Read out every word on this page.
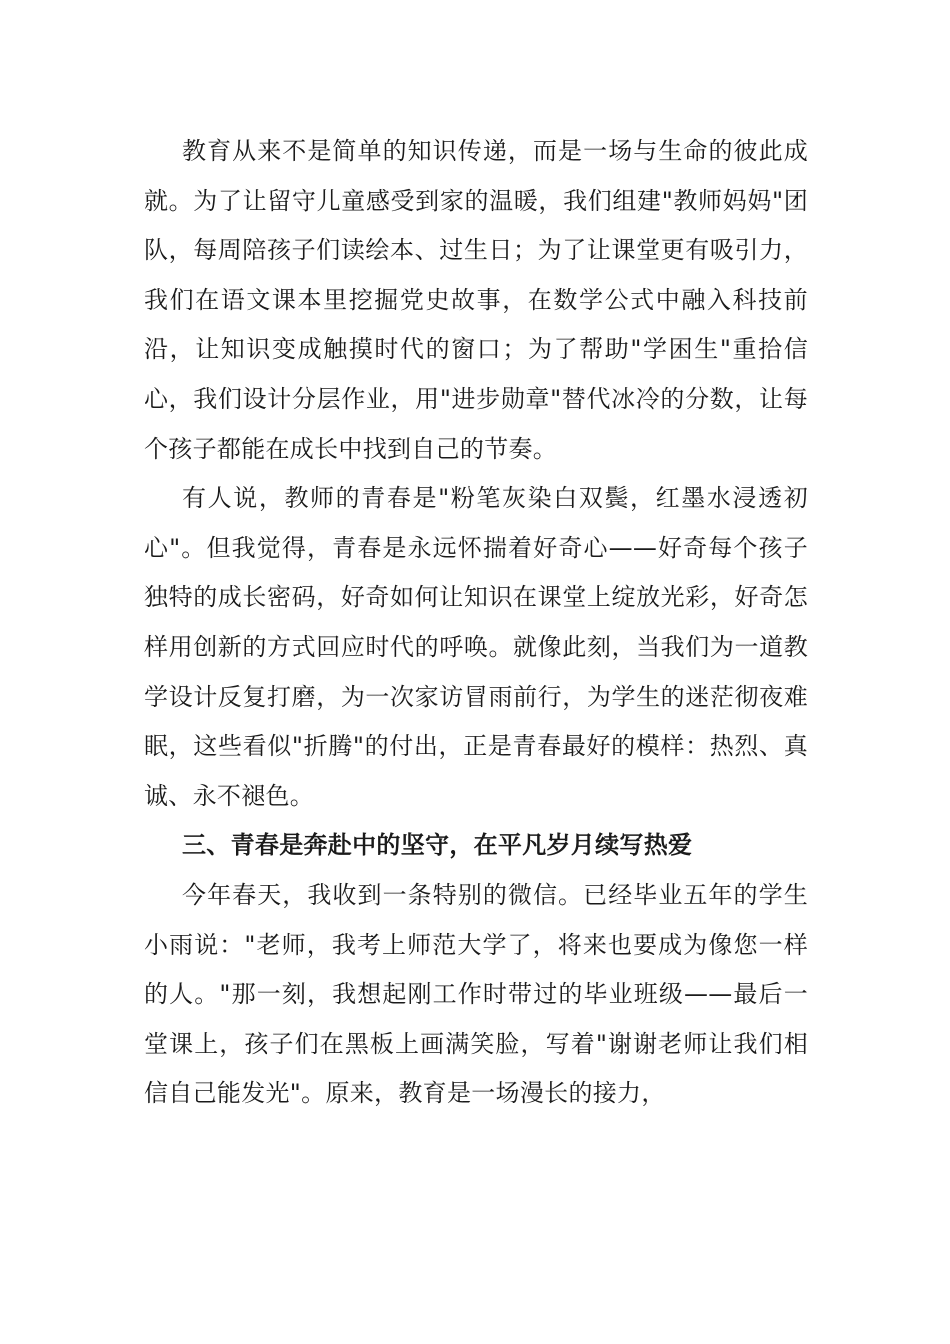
教育从来不是简单的知识传递，而是一场与生命的彼此成就。为了让留守儿童感受到家的温暖，我们组建"教师妈妈"团队，每周陪孩子们读绘本、过生日；为了让课堂更有吸引力，我们在语文课本里挖掘党史故事，在数学公式中融入科技前沿，让知识变成触摸时代的窗口；为了帮助"学困生"重拾信心，我们设计分层作业，用"进步勋章"替代冰冷的分数，让每个孩子都能在成长中找到自己的节奏。

有人说，教师的青春是"粉笔灰染白双鬓，红墨水浸透初心"。但我觉得，青春是永远怀揣着好奇心——好奇每个孩子独特的成长密码，好奇如何让知识在课堂上绽放光彩，好奇怎样用创新的方式回应时代的呼唤。就像此刻，当我们为一道教学设计反复打磨，为一次家访冒雨前行，为学生的迷茫彻夜难眠，这些看似"折腾"的付出，正是青春最好的模样：热烈、真诚、永不褪色。

三、青春是奔赴中的坚守，在平凡岁月续写热爱

今年春天，我收到一条特别的微信。已经毕业五年的学生小雨说："老师，我考上师范大学了，将来也要成为像您一样的人。"那一刻，我想起刚工作时带过的毕业班级——最后一堂课上，孩子们在黑板上画满笑脸，写着"谢谢老师让我们相信自己能发光"。原来，教育是一场漫长的接力，
